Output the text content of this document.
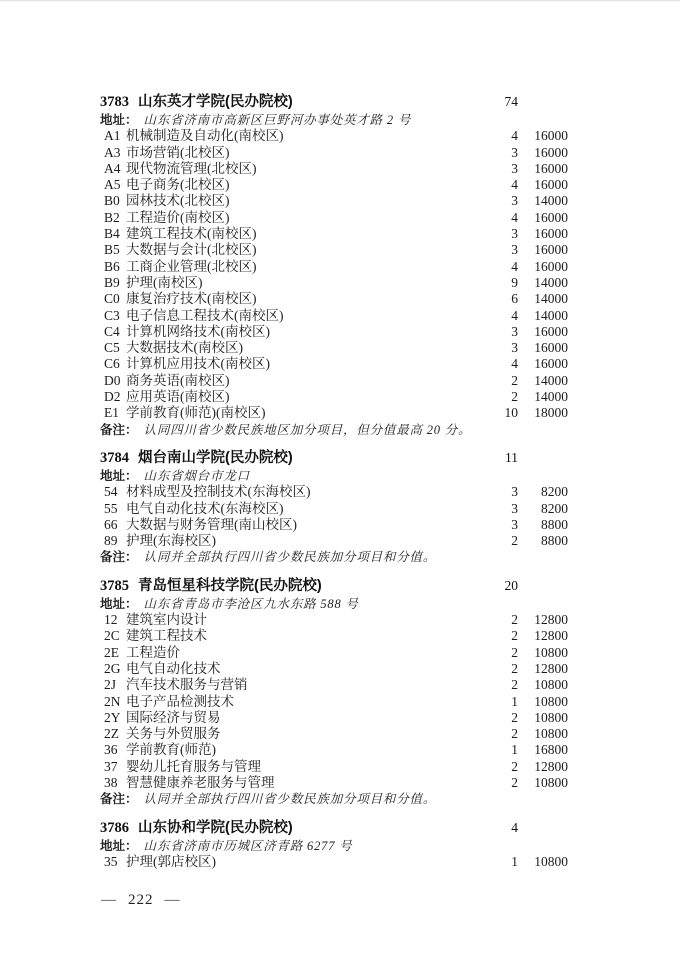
3783 山东英才学院(民办院校)	74
地址： 山东省济南市高新区巨野河办事处英才路 2 号
A1 机械制造及自动化(南校区)	4	16000
A3 市场营销(北校区)	3	16000
A4 现代物流管理(北校区)	3	16000
A5 电子商务(北校区)	4	16000
B0 园林技术(北校区)	3	14000
B2 工程造价(南校区)	4	16000
B4 建筑工程技术(南校区)	3	16000
B5 大数据与会计(北校区)	3	16000
B6 工商企业管理(北校区)	4	16000
B9 护理(南校区)	9	14000
C0 康复治疗技术(南校区)	6	14000
C3 电子信息工程技术(南校区)	4	14000
C4 计算机网络技术(南校区)	3	16000
C5 大数据技术(南校区)	3	16000
C6 计算机应用技术(南校区)	4	16000
D0 商务英语(南校区)	2	14000
D2 应用英语(南校区)	2	14000
E1 学前教育(师范)(南校区)	10	18000
备注： 认同四川省少数民族地区加分项目，但分值最高 20 分。
3784 烟台南山学院(民办院校)	11
地址： 山东省烟台市龙口
54 材料成型及控制技术(东海校区)	3	8200
55 电气自动化技术(东海校区)	3	8200
66 大数据与财务管理(南山校区)	3	8800
89 护理(东海校区)	2	8800
备注： 认同并全部执行四川省少数民族加分项目和分值。
3785 青岛恒星科技学院(民办院校)	20
地址： 山东省青岛市李沧区九水东路 588 号
12 建筑室内设计	2	12800
2C 建筑工程技术	2	12800
2E 工程造价	2	10800
2G 电气自动化技术	2	12800
2J 汽车技术服务与营销	2	10800
2N 电子产品检测技术	1	10800
2Y 国际经济与贸易	2	10800
2Z 关务与外贸服务	2	10800
36 学前教育(师范)	1	16800
37 婴幼儿托育服务与管理	2	12800
38 智慧健康养老服务与管理	2	10800
备注： 认同并全部执行四川省少数民族加分项目和分值。
3786 山东协和学院(民办院校)	4
地址： 山东省济南市历城区济青路 6277 号
35 护理(郭店校区)	1	10800
— 222 —
